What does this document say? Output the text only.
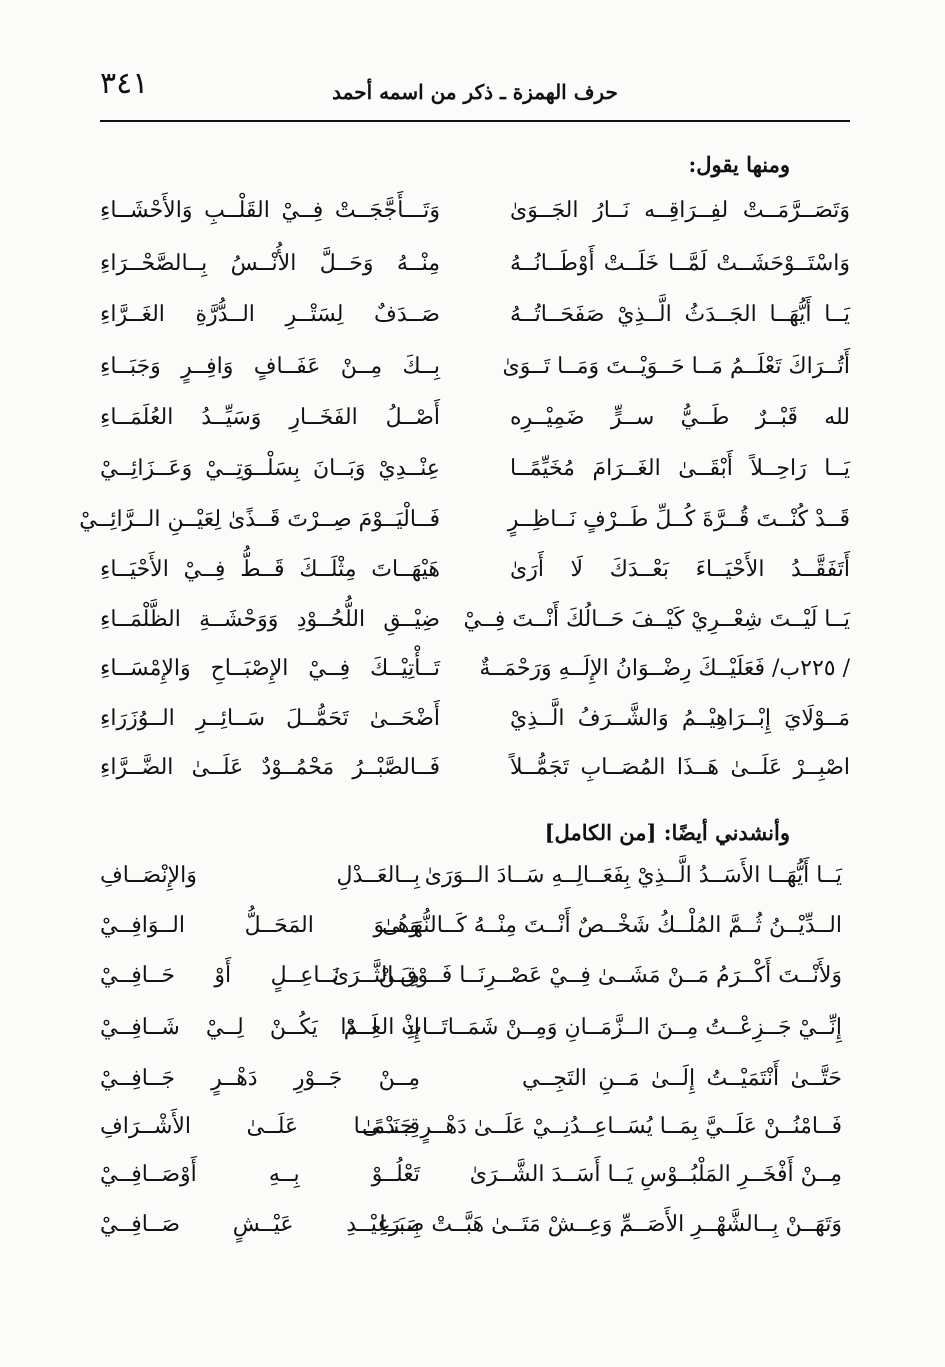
٣٤١	حرف الهمزة ـ ذكر من اسمه أحمد
ومنها يقول:
وَتَصَــرَّمَــتْ لفِــرَاقِــه نَــارُ الجَــوَىٰ
وَتَـــأَجَّجَــتْ فِــيْ القَلْــبِ وَالأَحْشَــاءِ
وَاسْتَــوْحَشَــتْ لَمَّــا خَلَــتْ أَوْطَــانُــهُ
مِنْــهُ وَحَــلَّ الأُنْــسُ بِــالصَّحْــرَاءِ
يَــا أَيُّهَــا الجَــدَثُ الَّــذِيْ صَفَحَــاتُــهُ
صَــدَفٌ لِسَتْــرِ الــدُّرَّةِ الغَــرَّاءِ
أَتُــرَاكَ تَعْلَــمُ مَــا حَــوَيْــتَ وَمَــا تَــوَىٰ
بِــكَ مِــنْ عَفَــافٍ وَافِــرٍ وَجَبَــاءِ
لله قَبْــرٌ طَــيُّ ســرٍّ ضَمِيْــرِه
أَصْــلُ الفَخَــارِ وَسَيِّــدُ العُلَمَــاءِ
يَــا رَاحِــلاً أَبْقَــىٰ الغَــرَامَ مُخَيِّمًــا
عِنْــدِيْ وَبَــانَ بِسَلْــوَتِــيْ وَعَــزَائِــيْ
قَــدْ كُنْــتَ قُــرَّةَ كُــلِّ طَــرْفٍ نَــاظِــرٍ
فَــالْيَــوْمَ صِــرْتَ قَــذًىٰ لِعَيْــنِ الــرَّائِــيْ
أَتَفَقَّــدُ الأَحْيَــاءَ بَعْــدَكَ لَا أَرَىٰ
هَيْهَــاتَ مِثْلَــكَ قَــطُّ فِــيْ الأَحْيَــاءِ
يَــا لَيْــتَ شِعْــرِيْ كَيْــفَ حَــالُكَ أَنْــتَ فِــيْ
ضِيْــقِ اللُّحُــوْدِ وَوَحْشَــةِ الظَّلْمَــاءِ
/ ٢٢٥ب/ فَعَلَيْــكَ رِضْــوَانُ الإِلَــهِ وَرَحْمَــةٌ
تَــأْتِيْــكَ فِــيْ الإِصْبَــاحِ وَالإِمْسَــاءِ
مَــوْلَايَ إِبْــرَاهِيْــمُ وَالشَّــرَفُ الَّــذِيْ
أَضْحَــىٰ تَحَمُّــلَ سَــائِــرِ الــوُزَرَاءِ
اصْبِــرْ عَلَــىٰ هَــذَا المُصَــابِ تَجَمُّــلاً
فَــالصَّبْــرُ مَحْمُــوْدٌ عَلَــىٰ الضَّــرَّاءِ
وأنشدني أيضًا: [من الكامل]
يَــا أَيُّهَــا الأَسَــدُ الَّــذِيْ بِفَعَــالِــهِ سَــادَ الــوَرَىٰ
بِــالعَــدْلِ وَالإِنْصَــافِ
الــدِّيْــنُ ثُــمَّ المُلْــكُ شَخْــصٌ أَنْــتَ مِنْــهُ كَــالنُّهَــىٰ
وَهُــوَ المَحَــلُّ الــوَافِــيْ
وَلأَنْــتَ أَكْــرَمُ مَــنْ مَشَــىٰ فِــيْ عَصْــرِنَــا فَــوْقَ الثَّــرَىٰ
مِــنْ نَــاعِــلٍ أَوْ حَــافِــيْ
إِنِّــيْ جَــزِعْــتُ مِــنَ الــزَّمَــانِ وَمِــنْ شَمَــاتَــاتِ العِــدَا
إِذْ لَــمْ يَكُــنْ لِــيْ شَــافِــيْ
حَتَّــىٰ أَنْتَمَيْــتُ إِلَــىٰ مَــنِ التَجِــي
مِــنْ جَــوْرِ دَهْــرٍ جَــافِــيْ
فَــامْنُــنْ عَلَــيَّ بِمَــا يُسَــاعِــدُنِــيْ عَلَــىٰ دَهْــرٍ جَنَــىٰ
قِــدْمًــا عَلَــىٰ الأَشْــرَافِ
مِــنْ أَفْخَــرِ المَلْبُــوْسِ يَــا أَسَــدَ الشَّــرَىٰ
تَعْلُــوْ بِــهِ أَوْصَــافِــيْ
وَتَهَــنْ بِــالشَّهْــرِ الأَصَــمِّ وَعِــشْ مَتَــىٰ هَبَّــتْ صَبَــا
بِــرَغِيْــدِ عَيْــشٍ صَــافِــيْ
